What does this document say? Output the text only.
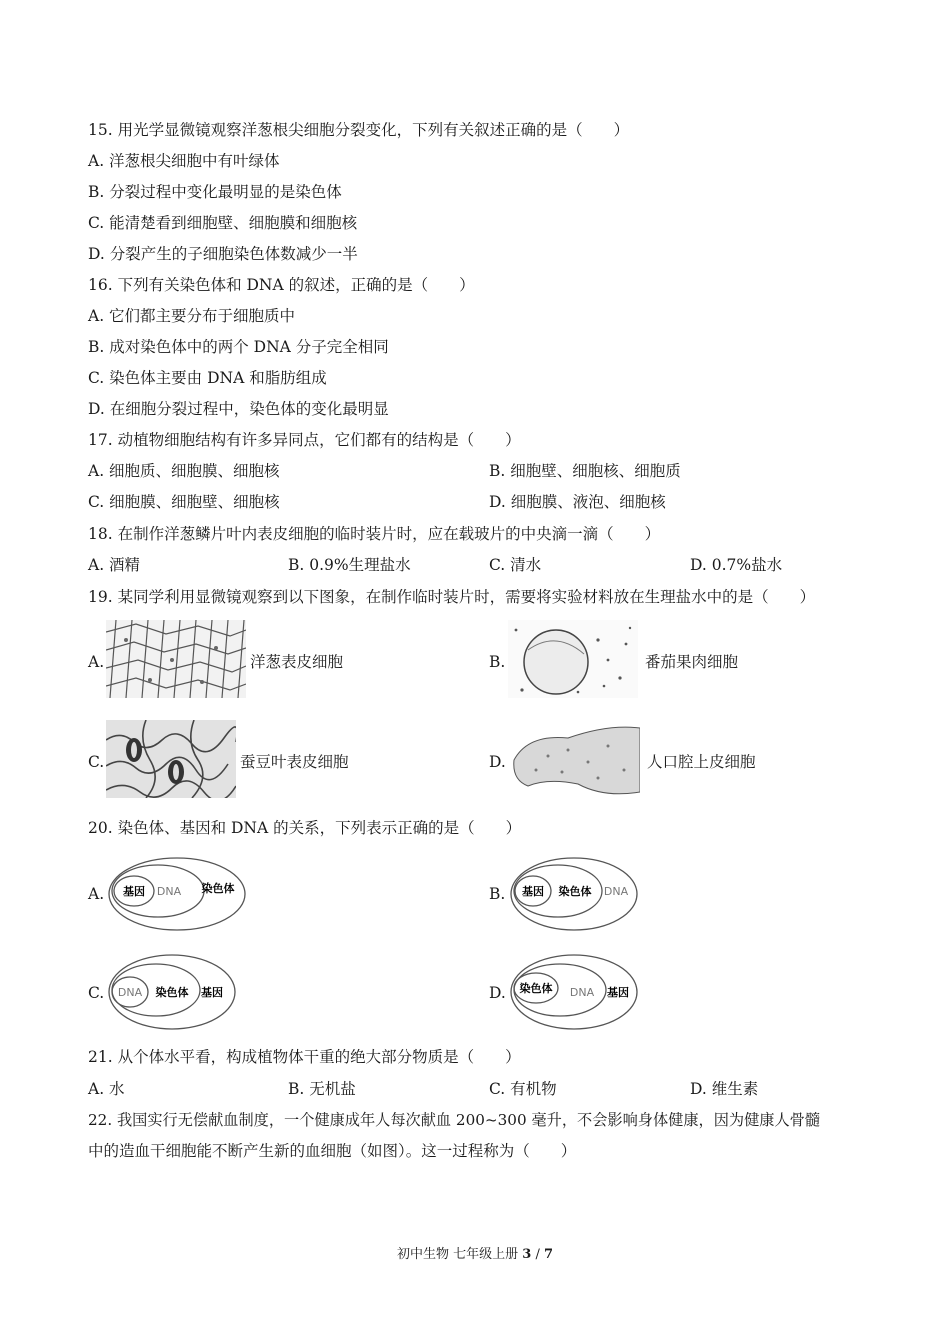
15. 用光学显微镜观察洋葱根尖细胞分裂变化，下列有关叙述正确的是（　　）
A. 洋葱根尖细胞中有叶绿体
B. 分裂过程中变化最明显的是染色体
C. 能清楚看到细胞壁、细胞膜和细胞核
D. 分裂产生的子细胞染色体数减少一半
16. 下列有关染色体和 DNA 的叙述，正确的是（　　）
A. 它们都主要分布于细胞质中
B. 成对染色体中的两个 DNA 分子完全相同
C. 染色体主要由 DNA 和脂肪组成
D. 在细胞分裂过程中，染色体的变化最明显
17. 动植物细胞结构有许多异同点，它们都有的结构是（　　）
A. 细胞质、细胞膜、细胞核	B. 细胞壁、细胞核、细胞质
C. 细胞膜、细胞壁、细胞核	D. 细胞膜、液泡、细胞核
18. 在制作洋葱鳞片叶内表皮细胞的临时装片时，应在载玻片的中央滴一滴（　　）
A. 酒精	B. 0.9%生理盐水	C. 清水	D. 0.7%盐水
19. 某同学利用显微镜观察到以下图象，在制作临时装片时，需要将实验材料放在生理盐水中的是（　　）
A.	洋葱表皮细胞	B.	番茄果肉细胞
C.	蚕豆叶表皮细胞	D.	人口腔上皮细胞
20. 染色体、基因和 DNA 的关系，下列表示正确的是（　　）
A. 基因 DNA 染色体	B. 基因 染色体 DNA
C. DNA 染色体 基因	D. 染色体 DNA 基因
21. 从个体水平看，构成植物体干重的绝大部分物质是（　　）
A. 水	B. 无机盐	C. 有机物	D. 维生素
22. 我国实行无偿献血制度，一个健康成年人每次献血 200~300 毫升，不会影响身体健康，因为健康人骨髓
中的造血干细胞能不断产生新的血细胞（如图）。这一过程称为（　　）
初中生物 七年级上册 3 / 7
